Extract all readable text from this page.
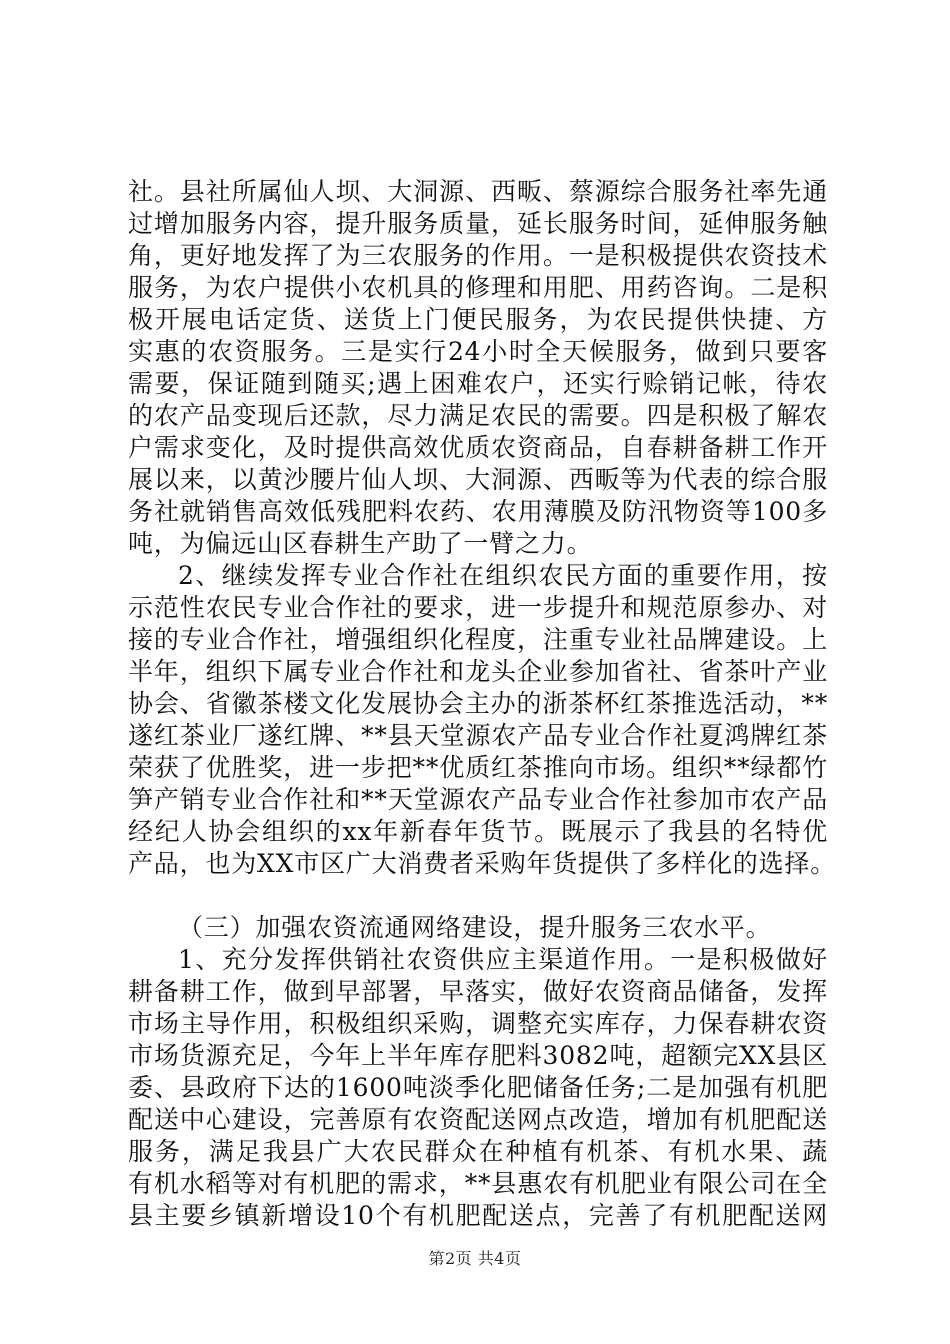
社。县社所属仙人坝、大洞源、西畈、蔡源综合服务社率先通
过增加服务内容，提升服务质量，延长服务时间，延伸服务触
角，更好地发挥了为三农服务的作用。一是积极提供农资技术
服务，为农户提供小农机具的修理和用肥、用药咨询。二是积
极开展电话定货、送货上门便民服务，为农民提供快捷、方
实惠的农资服务。三是实行24小时全天候服务，做到只要客
需要，保证随到随买;遇上困难农户，还实行赊销记帐，待农
的农产品变现后还款，尽力满足农民的需要。四是积极了解农
户需求变化，及时提供高效优质农资商品，自春耕备耕工作开
展以来，以黄沙腰片仙人坝、大洞源、西畈等为代表的综合服
务社就销售高效低残肥料农药、农用薄膜及防汛物资等100多
吨，为偏远山区春耕生产助了一臂之力。
2、继续发挥专业合作社在组织农民方面的重要作用，按
示范性农民专业合作社的要求，进一步提升和规范原参办、对
接的专业合作社，增强组织化程度，注重专业社品牌建设。上
半年，组织下属专业合作社和龙头企业参加省社、省茶叶产业
协会、省徽茶楼文化发展协会主办的浙茶杯红茶推选活动，**
遂红茶业厂遂红牌、**县天堂源农产品专业合作社夏鸿牌红茶
荣获了优胜奖，进一步把**优质红茶推向市场。组织**绿都竹
笋产销专业合作社和**天堂源农产品专业合作社参加市农产品
经纪人协会组织的xx年新春年货节。既展示了我县的名特优
产品，也为XX市区广大消费者采购年货提供了多样化的选择。
（三）加强农资流通网络建设，提升服务三农水平。
1、充分发挥供销社农资供应主渠道作用。一是积极做好
耕备耕工作，做到早部署，早落实，做好农资商品储备，发挥
市场主导作用，积极组织采购，调整充实库存，力保春耕农资
市场货源充足，今年上半年库存肥料3082吨，超额完XX县区
委、县政府下达的1600吨淡季化肥储备任务;二是加强有机肥
配送中心建设，完善原有农资配送网点改造，增加有机肥配送
服务，满足我县广大农民群众在种植有机茶、有机水果、蔬
有机水稻等对有机肥的需求，**县惠农有机肥业有限公司在全
县主要乡镇新增设10个有机肥配送点，完善了有机肥配送网
第2页 共4页
